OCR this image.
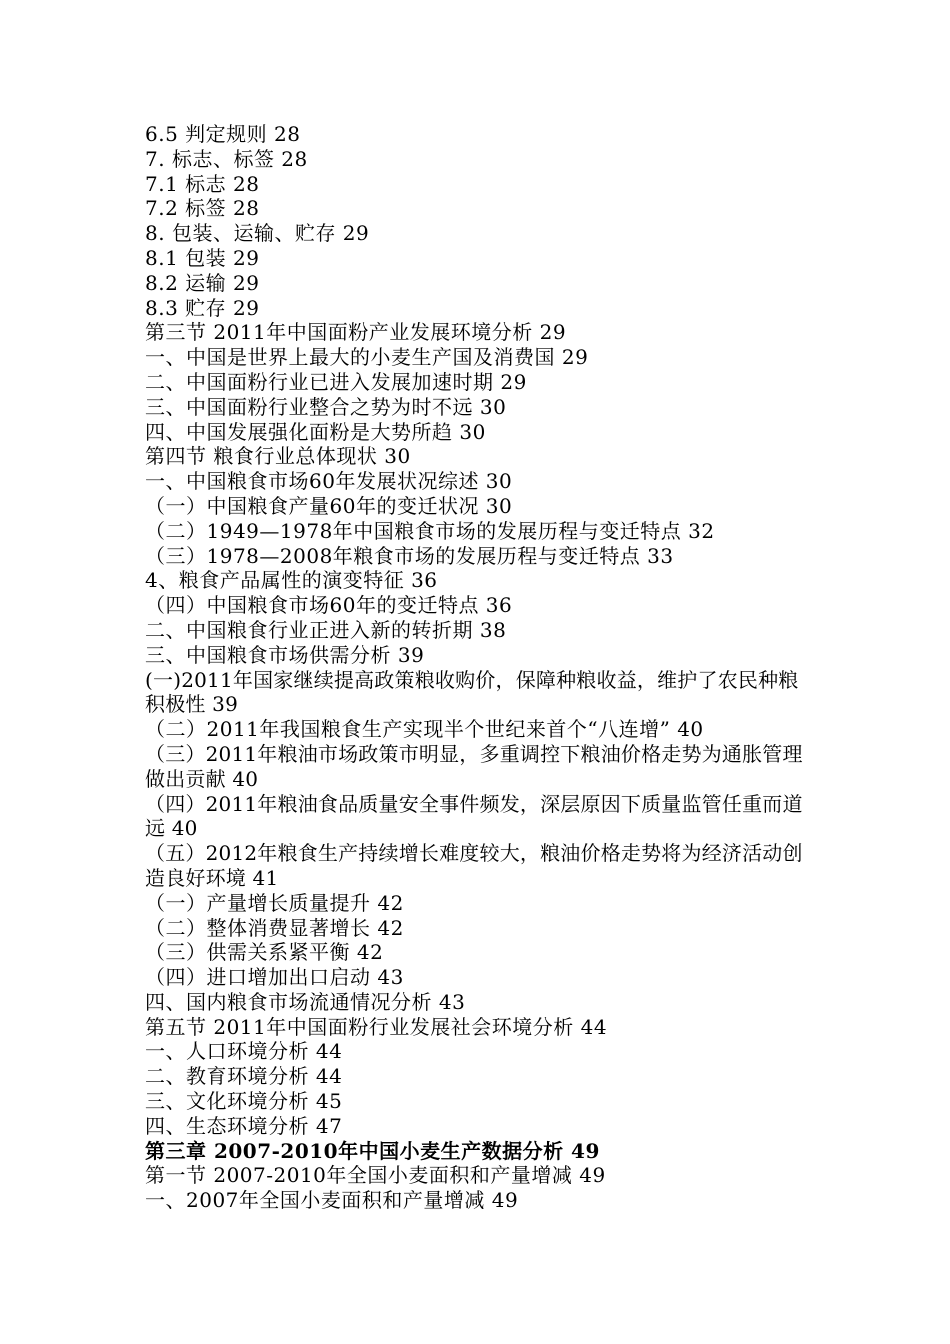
6.5 判定规则 28
7. 标志、标签 28
7.1 标志 28
7.2 标签 28
8. 包装、运输、贮存 29
8.1 包装 29
8.2 运输 29
8.3 贮存 29
第三节 2011年中国面粉产业发展环境分析 29
一、中国是世界上最大的小麦生产国及消费国 29
二、中国面粉行业已进入发展加速时期 29
三、中国面粉行业整合之势为时不远 30
四、中国发展强化面粉是大势所趋 30
第四节 粮食行业总体现状 30
一、中国粮食市场60年发展状况综述 30
（一）中国粮食产量60年的变迁状况 30
（二）1949—1978年中国粮食市场的发展历程与变迁特点 32
（三）1978—2008年粮食市场的发展历程与变迁特点 33
4、粮食产品属性的演变特征 36
（四）中国粮食市场60年的变迁特点 36
二、中国粮食行业正进入新的转折期 38
三、中国粮食市场供需分析 39
(一)2011年国家继续提高政策粮收购价，保障种粮收益，维护了农民种粮积极性 39
（二）2011年我国粮食生产实现半个世纪来首个“八连增” 40
（三）2011年粮油市场政策市明显，多重调控下粮油价格走势为通胀管理做出贡献 40
（四）2011年粮油食品质量安全事件频发，深层原因下质量监管任重而道远 40
（五）2012年粮食生产持续增长难度较大，粮油价格走势将为经济活动创造良好环境 41
（一）产量增长质量提升 42
（二）整体消费显著增长 42
（三）供需关系紧平衡 42
（四）进口增加出口启动 43
四、国内粮食市场流通情况分析 43
第五节 2011年中国面粉行业发展社会环境分析 44
一、人口环境分析 44
二、教育环境分析 44
三、文化环境分析 45
四、生态环境分析 47
第三章 2007-2010年中国小麦生产数据分析 49
第一节 2007-2010年全国小麦面积和产量增减 49
一、2007年全国小麦面积和产量增减 49
